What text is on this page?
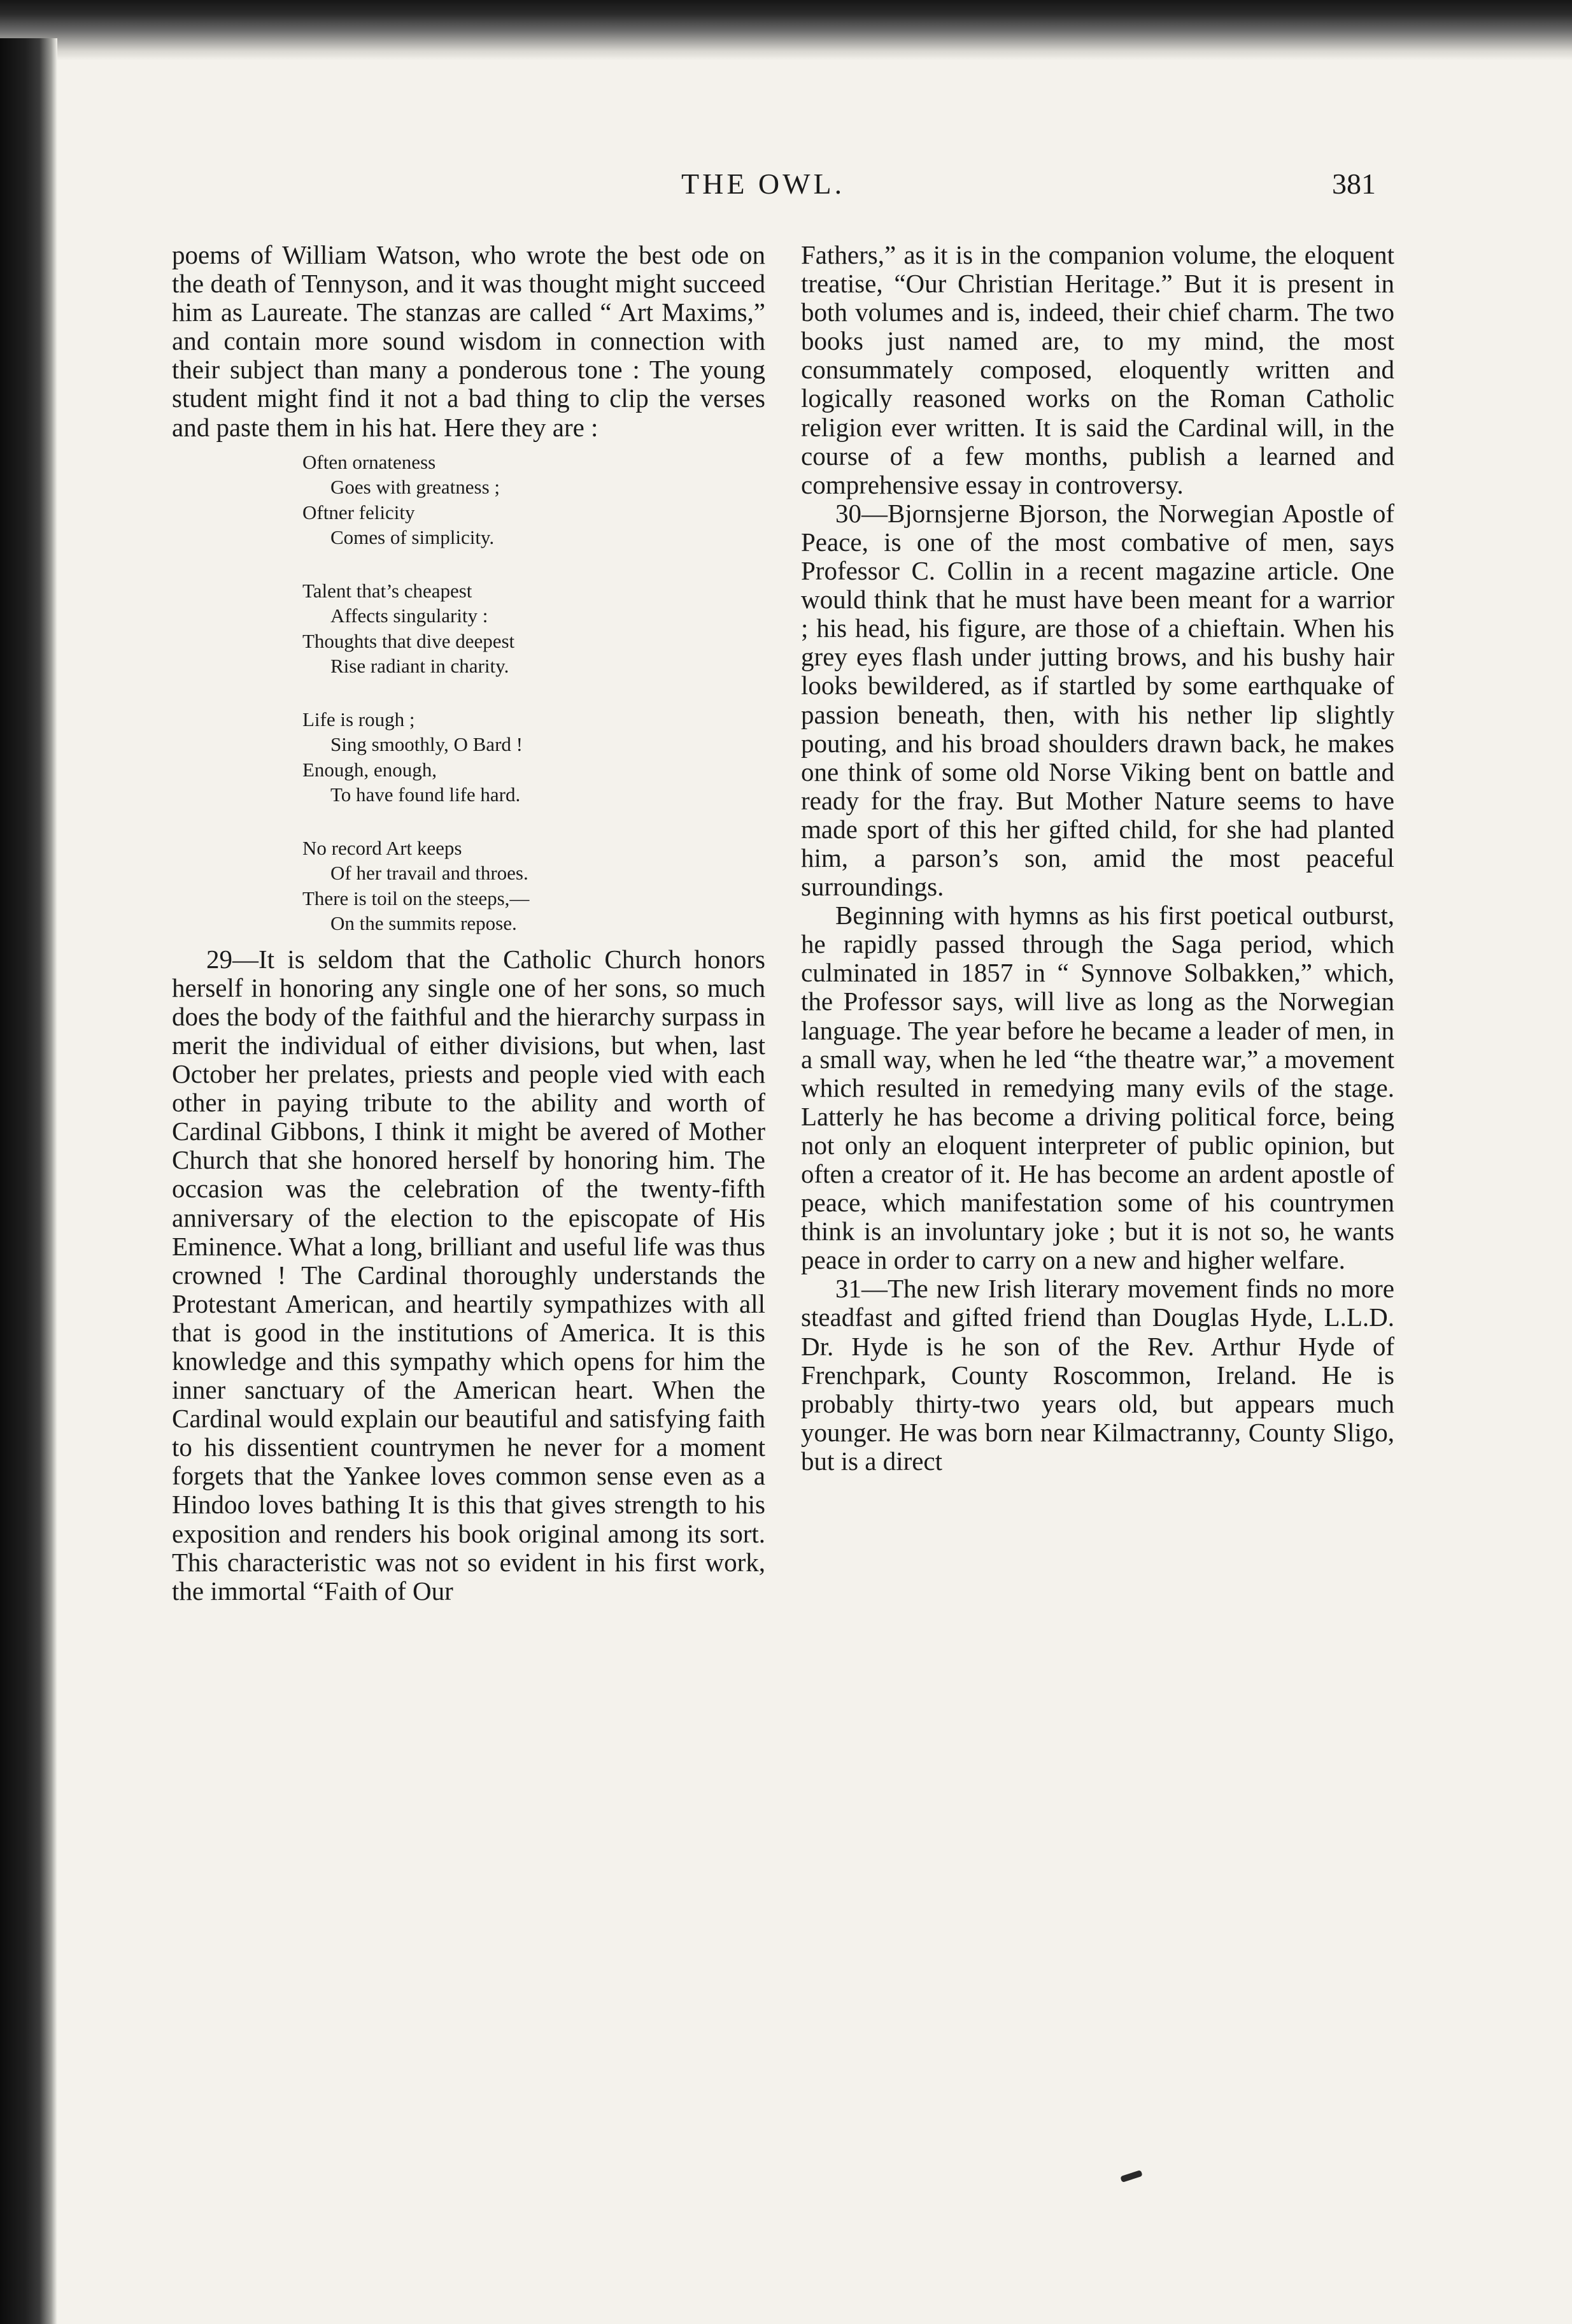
THE OWL.	381

poems of William Watson, who wrote the best ode on the death of Tennyson, and it was thought might succeed him as Laureate. The stanzas are called “ Art Maxims,” and contain more sound wisdom in connection with their subject than many a ponderous tone : The young student might find it not a bad thing to clip the verses and paste them in his hat. Here they are :

Often ornateness
Goes with greatness ;
Oftner felicity
Comes of simplicity.
Talent that’s cheapest
Affects singularity :
Thoughts that dive deepest
Rise radiant in charity.
Life is rough ;
Sing smoothly, O Bard !
Enough, enough,
To have found life hard.
No record Art keeps
Of her travail and throes.
There is toil on the steeps,—
On the summits repose.

29—It is seldom that the Catholic Church honors herself in honoring any single one of her sons, so much does the body of the faithful and the hierarchy surpass in merit the individual of either divisions, but when, last October her prelates, priests and people vied with each other in paying tribute to the ability and worth of Cardinal Gibbons, I think it might be avered of Mother Church that she honored herself by honoring him. The occasion was the celebration of the twenty-fifth anniversary of the election to the episcopate of His Eminence. What a long, brilliant and useful life was thus crowned ! The Cardinal thoroughly understands the Protestant American, and heartily sympathizes with all that is good in the institutions of America. It is this knowledge and this sympathy which opens for him the inner sanctuary of the American heart. When the Cardinal would explain our beautiful and satisfying faith to his dissentient countrymen he never for a moment forgets that the Yankee loves common sense even as a Hindoo loves bathing It is this that gives strength to his exposition and renders his book original among its sort. This characteristic was not so evident in his first work, the immortal “Faith of Our

Fathers,” as it is in the companion volume, the eloquent treatise, “Our Christian Heritage.” But it is present in both volumes and is, indeed, their chief charm. The two books just named are, to my mind, the most consummately composed, eloquently written and logically reasoned works on the Roman Catholic religion ever written. It is said the Cardinal will, in the course of a few months, publish a learned and comprehensive essay in controversy.

30—Bjornsjerne Bjorson, the Norwegian Apostle of Peace, is one of the most combative of men, says Professor C. Collin in a recent magazine article. One would think that he must have been meant for a warrior ; his head, his figure, are those of a chieftain. When his grey eyes flash under jutting brows, and his bushy hair looks bewildered, as if startled by some earthquake of passion beneath, then, with his nether lip slightly pouting, and his broad shoulders drawn back, he makes one think of some old Norse Viking bent on battle and ready for the fray. But Mother Nature seems to have made sport of this her gifted child, for she had planted him, a parson’s son, amid the most peaceful surroundings.

Beginning with hymns as his first poetical outburst, he rapidly passed through the Saga period, which culminated in 1857 in “ Synnove Solbakken,” which, the Professor says, will live as long as the Norwegian language. The year before he became a leader of men, in a small way, when he led “the theatre war,” a movement which resulted in remedying many evils of the stage. Latterly he has become a driving political force, being not only an eloquent interpreter of public opinion, but often a creator of it. He has become an ardent apostle of peace, which manifestation some of his countrymen think is an involuntary joke ; but it is not so, he wants peace in order to carry on a new and higher welfare.

31—The new Irish literary movement finds no more steadfast and gifted friend than Douglas Hyde, L.L.D. Dr. Hyde is he son of the Rev. Arthur Hyde of Frenchpark, County Roscommon, Ireland. He is probably thirty-two years old, but appears much younger. He was born near Kilmactranny, County Sligo, but is a direct
